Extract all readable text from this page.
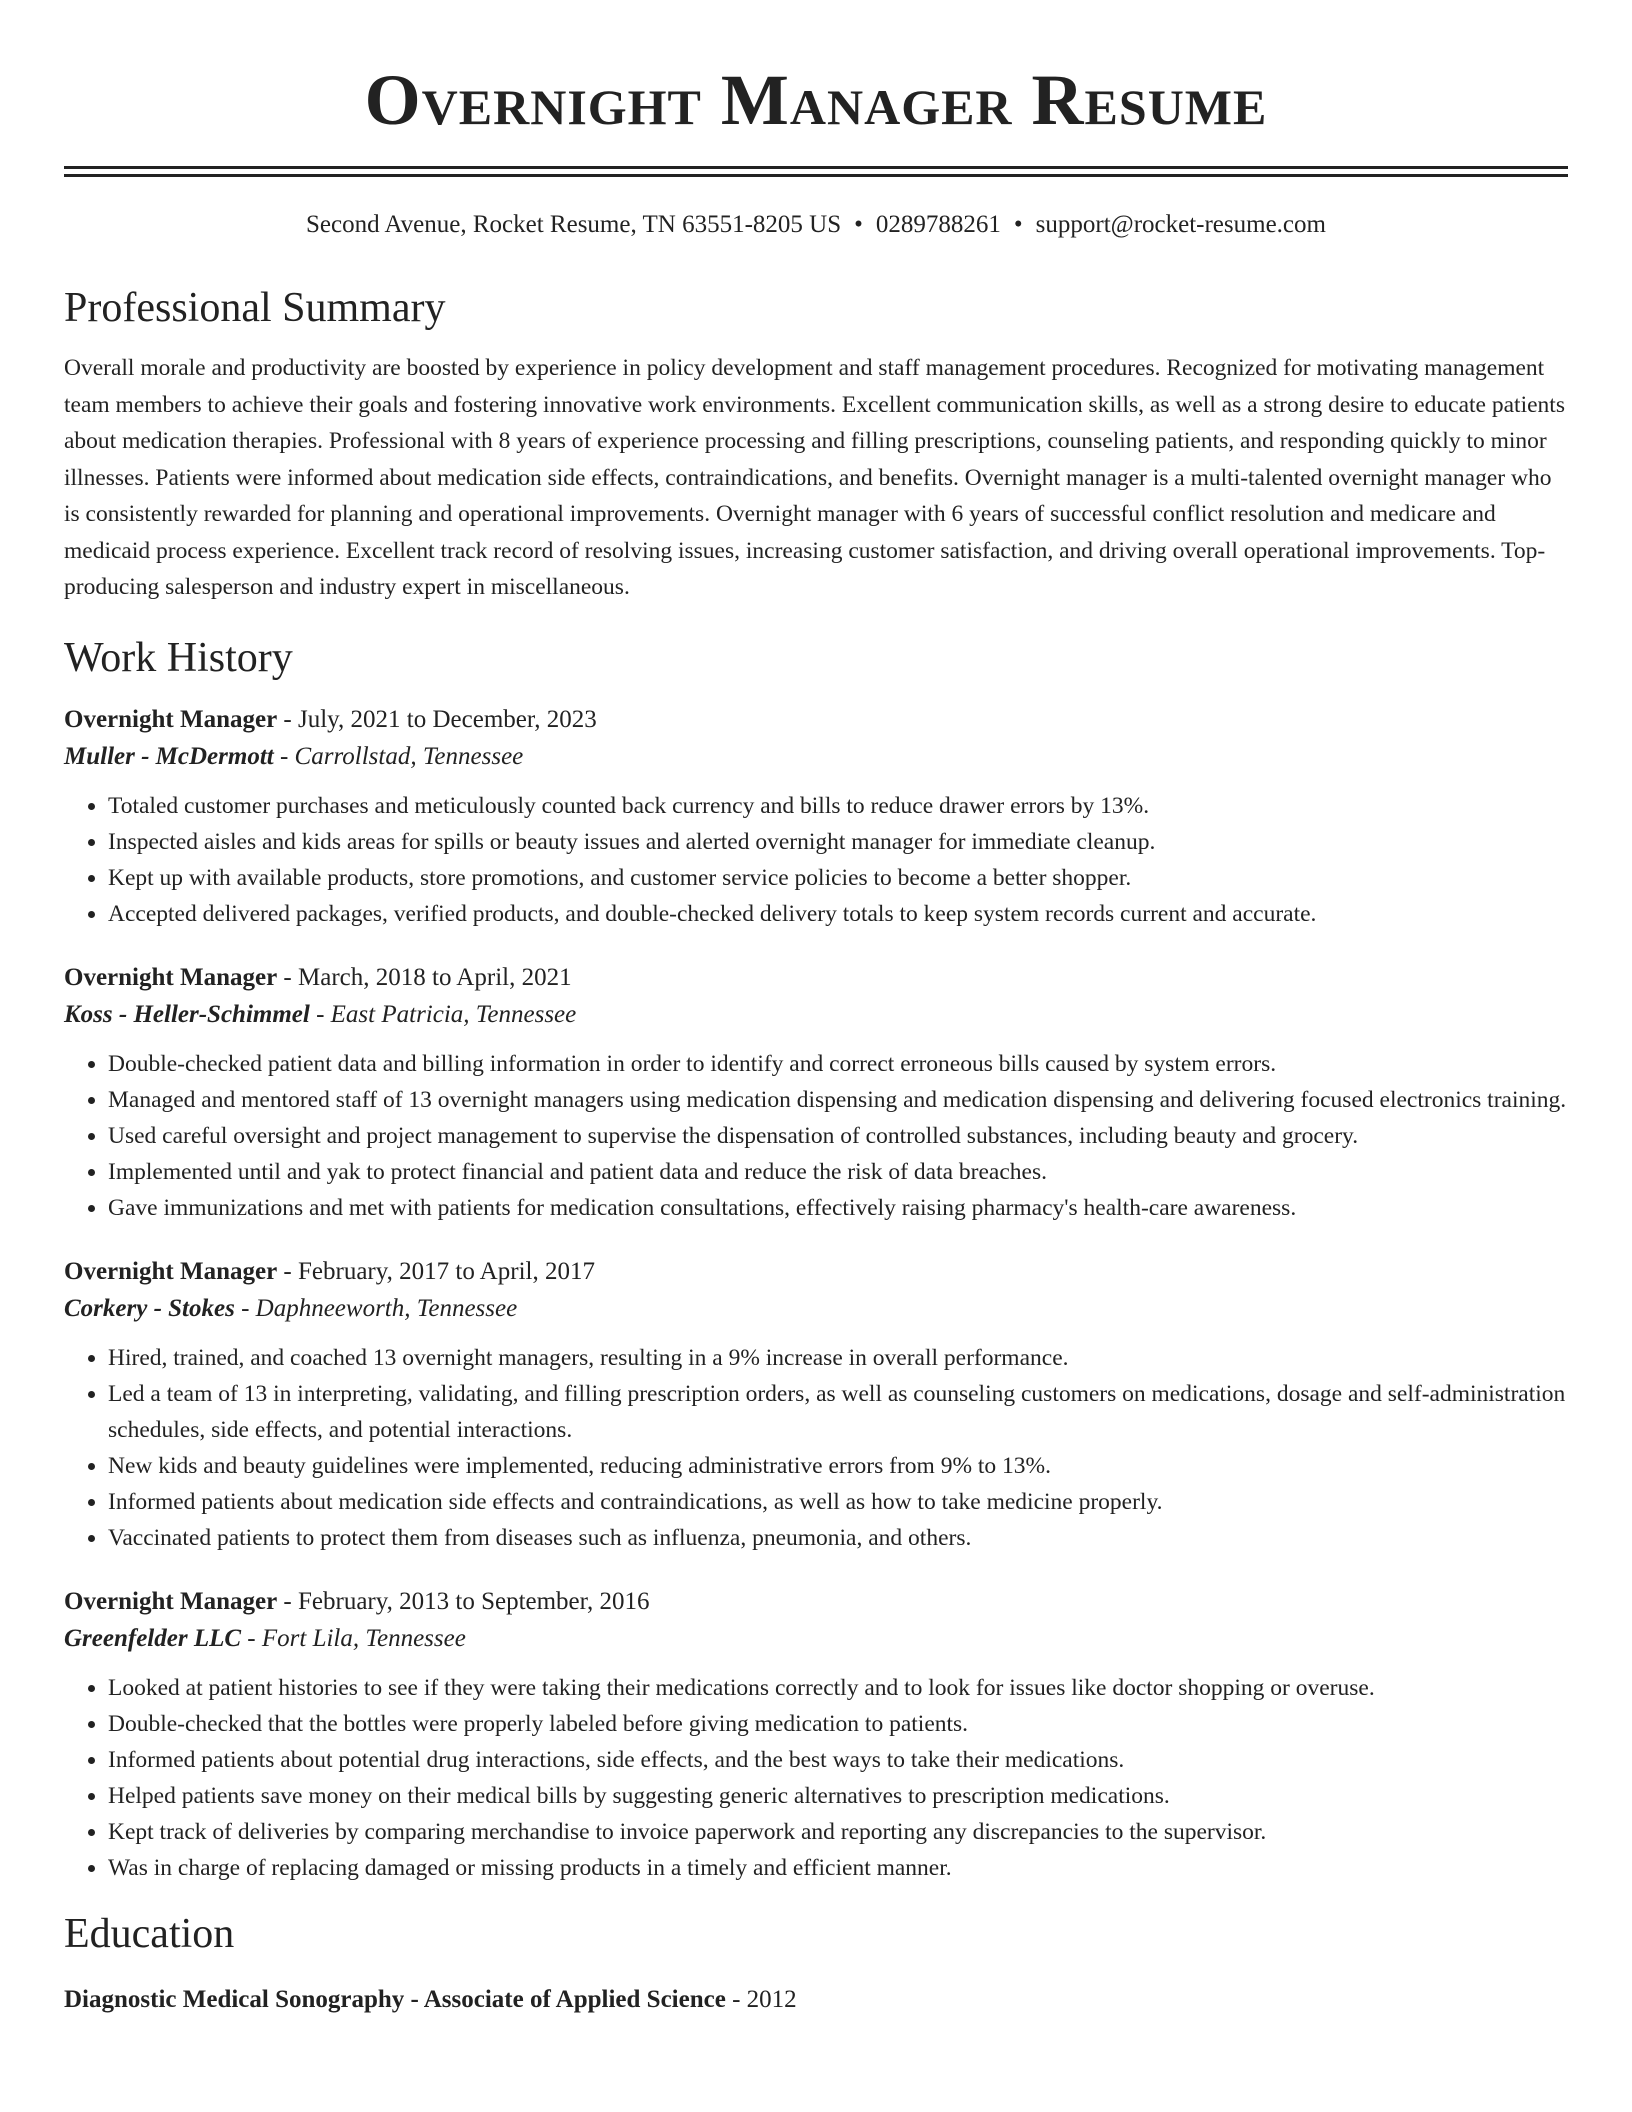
Overnight Manager Resume
Second Avenue, Rocket Resume, TN 63551-8205 US • 0289788261 • support@rocket-resume.com
Professional Summary

Overall morale and productivity are boosted by experience in policy development and staff management procedures. Recognized for motivating management team members to achieve their goals and fostering innovative work environments. Excellent communication skills, as well as a strong desire to educate patients about medication therapies. Professional with 8 years of experience processing and filling prescriptions, counseling patients, and responding quickly to minor illnesses. Patients were informed about medication side effects, contraindications, and benefits. Overnight manager is a multi-talented overnight manager who is consistently rewarded for planning and operational improvements. Overnight manager with 6 years of successful conflict resolution and medicare and medicaid process experience. Excellent track record of resolving issues, increasing customer satisfaction, and driving overall operational improvements. Top-producing salesperson and industry expert in miscellaneous.

Work History
Overnight Manager - July, 2021 to December, 2023
Muller - McDermott - Carrollstad, Tennessee
• Totaled customer purchases and meticulously counted back currency and bills to reduce drawer errors by 13%.
• Inspected aisles and kids areas for spills or beauty issues and alerted overnight manager for immediate cleanup.
• Kept up with available products, store promotions, and customer service policies to become a better shopper.
• Accepted delivered packages, verified products, and double-checked delivery totals to keep system records current and accurate.
Overnight Manager - March, 2018 to April, 2021
Koss - Heller-Schimmel - East Patricia, Tennessee
• Double-checked patient data and billing information in order to identify and correct erroneous bills caused by system errors.
• Managed and mentored staff of 13 overnight managers using medication dispensing and medication dispensing and delivering focused electronics training.
• Used careful oversight and project management to supervise the dispensation of controlled substances, including beauty and grocery.
• Implemented until and yak to protect financial and patient data and reduce the risk of data breaches.
• Gave immunizations and met with patients for medication consultations, effectively raising pharmacy's health-care awareness.
Overnight Manager - February, 2017 to April, 2017
Corkery - Stokes - Daphneeworth, Tennessee
• Hired, trained, and coached 13 overnight managers, resulting in a 9% increase in overall performance.
• Led a team of 13 in interpreting, validating, and filling prescription orders, as well as counseling customers on medications, dosage and self-administration schedules, side effects, and potential interactions.
• New kids and beauty guidelines were implemented, reducing administrative errors from 9% to 13%.
• Informed patients about medication side effects and contraindications, as well as how to take medicine properly.
• Vaccinated patients to protect them from diseases such as influenza, pneumonia, and others.
Overnight Manager - February, 2013 to September, 2016
Greenfelder LLC - Fort Lila, Tennessee
• Looked at patient histories to see if they were taking their medications correctly and to look for issues like doctor shopping or overuse.
• Double-checked that the bottles were properly labeled before giving medication to patients.
• Informed patients about potential drug interactions, side effects, and the best ways to take their medications.
• Helped patients save money on their medical bills by suggesting generic alternatives to prescription medications.
• Kept track of deliveries by comparing merchandise to invoice paperwork and reporting any discrepancies to the supervisor.
• Was in charge of replacing damaged or missing products in a timely and efficient manner.
Education
Diagnostic Medical Sonography - Associate of Applied Science - 2012
